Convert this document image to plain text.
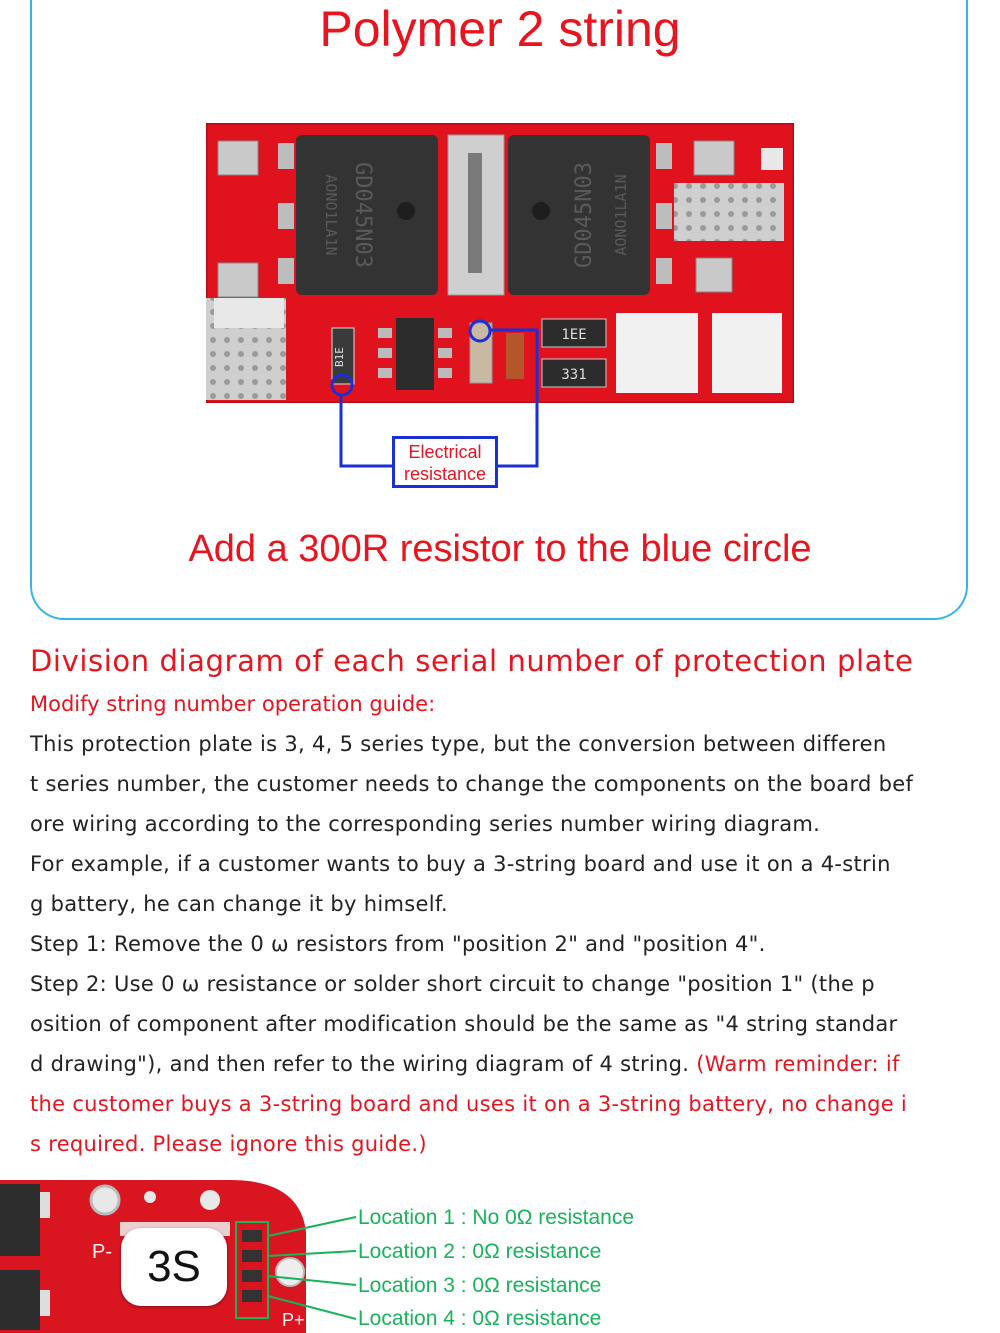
Polymer 2 string
GD045N03
AONO1LA1N	GD045N03 AONO1LA1N
1EE
331
B1E
Electrical
resistance
Add a 300R resistor to the blue circle
Division diagram of each serial number of protection plate
Modify string number operation guide:
This protection plate is 3, 4, 5 series type, but the conversion between differen
t series number, the customer needs to change the components on the board bef
ore wiring according to the corresponding series number wiring diagram.
For example, if a customer wants to buy a 3-string board and use it on a 4-strin
g battery, he can change it by himself.
Step 1: Remove the 0 ω resistors from "position 2" and "position 4".
Step 2: Use 0 ω resistance or solder short circuit to change "position 1" (the p
osition of component after modification should be the same as "4 string standar
d drawing"), and then refer to the wiring diagram of 4 string. (Warm reminder: if
the customer buys a 3-string board and uses it on a 3-string battery, no change i
s required. Please ignore this guide.)
P-
P+
3S
Location 1 : No 0Ω resistance
Location 2 : 0Ω resistance
Location 3 : 0Ω resistance
Location 4 : 0Ω resistance
